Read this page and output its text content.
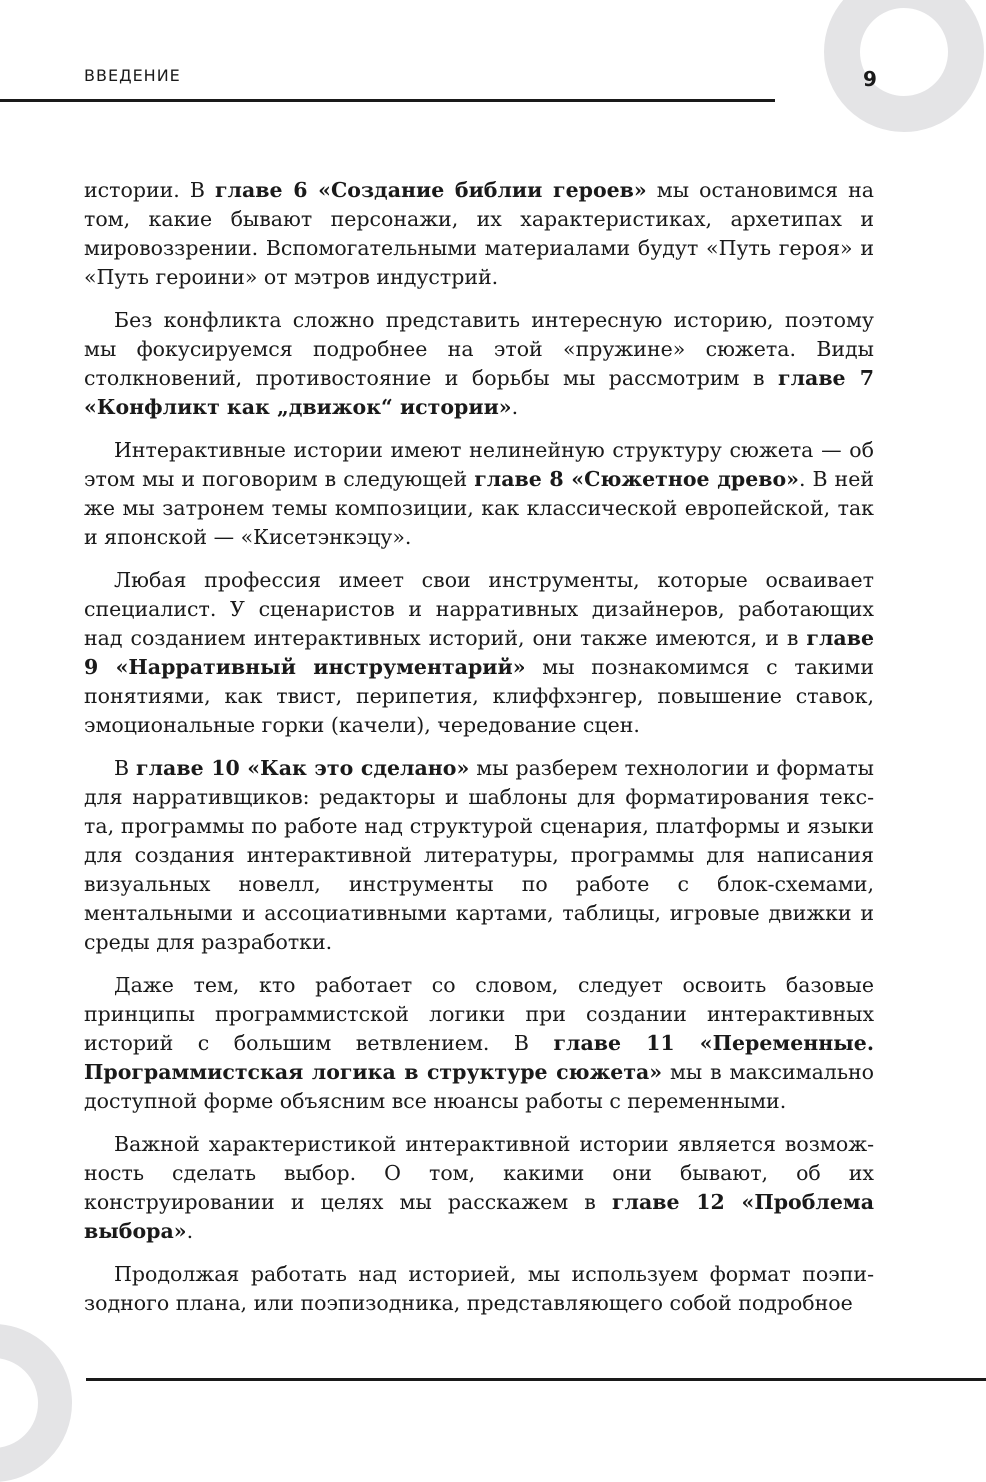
ВВЕДЕНИЕ	9

истории. В главе 6 «Создание библии героев» мы остановимся на том, какие бывают персонажи, их характеристиках, архетипах и мировоззрении. Вспомогательными материалами будут «Путь героя» и «Путь героини» от мэтров индустрий.

Без конфликта сложно представить интересную историю, поэтому мы фокусируемся подробнее на этой «пружине» сюжета. Виды столкновений, противостояние и борьбы мы рассмотрим в главе 7 «Конфликт как „движок“ истории».

Интерактивные истории имеют нелинейную структуру сюжета — об этом мы и поговорим в следующей главе 8 «Сюжетное древо». В ней же мы затронем темы композиции, как классической европейской, так и японской — «Кисетэнкэцу».

Любая профессия имеет свои инструменты, которые осваивает специалист. У сценаристов и нарративных дизайнеров, работающих над созданием интерактивных историй, они также имеются, и в главе 9 «Нарративный инструментарий» мы познакомимся с такими понятиями, как твист, перипетия, клиффхэнгер, повышение ставок, эмоциональные горки (качели), чередование сцен.

В главе 10 «Как это сделано» мы разберем технологии и форматы для нарративщиков: редакторы и шаблоны для форматирования текста, программы по работе над структурой сценария, платформы и языки для создания интерактивной литературы, программы для написания визуальных новелл, инструменты по работе с блок-схемами, ментальными и ассоциативными картами, таблицы, игровые движки и среды для разработки.

Даже тем, кто работает со словом, следует освоить базовые принципы программистской логики при создании интерактивных историй с большим ветвлением. В главе 11 «Переменные. Программистская логика в структуре сюжета» мы в максимально доступной форме объясним все нюансы работы с переменными.

Важной характеристикой интерактивной истории является возможность сделать выбор. О том, какими они бывают, об их конструировании и целях мы расскажем в главе 12 «Проблема выбора».

Продолжая работать над историей, мы используем формат поэпизодного плана, или поэпизодника, представляющего собой подробное
